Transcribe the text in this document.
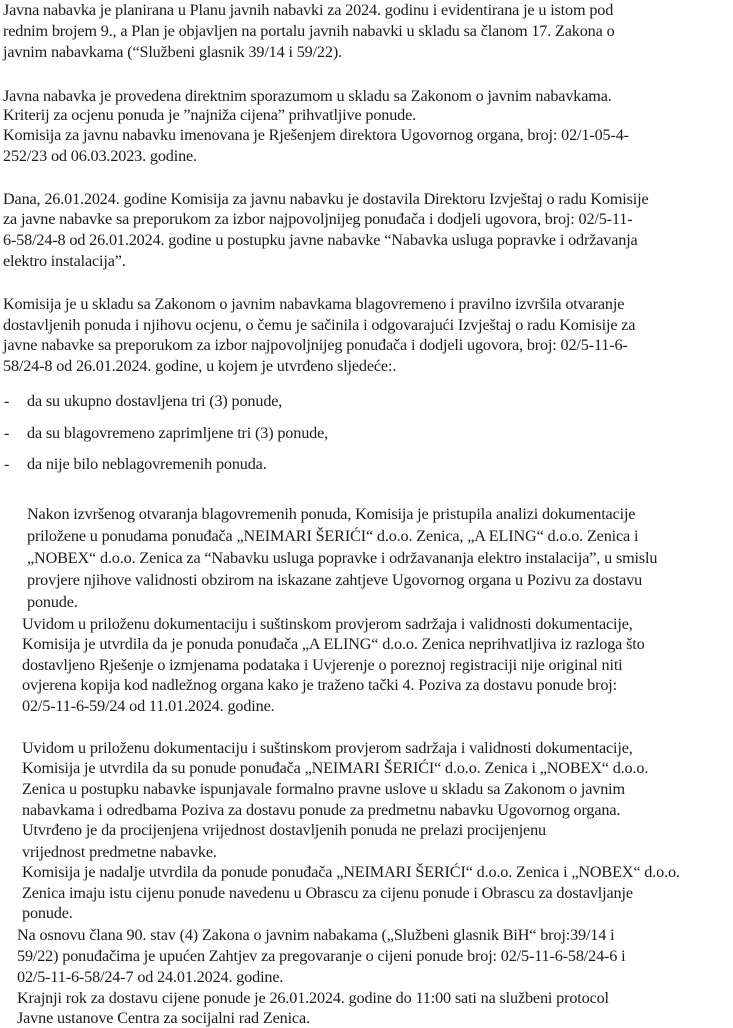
Javna nabavka je planirana u Planu javnih nabavki za 2024. godinu i evidentirana je u istom pod
rednim brojem 9., a Plan je objavljen na portalu javnih nabavki u skladu sa članom 17. Zakona o
javnim nabavkama (“Službeni glasnik 39/14 i 59/22).
Javna nabavka je provedena direktnim sporazumom u skladu sa Zakonom o javnim nabavkama.
Kriterij za ocjenu ponuda je ”najniža cijena” prihvatljive ponude.
Komisija za javnu nabavku imenovana je Rješenjem direktora Ugovornog organa, broj: 02/1-05-4-
252/23 od 06.03.2023. godine.
Dana, 26.01.2024. godine Komisija za javnu nabavku je dostavila Direktoru Izvještaj o radu Komisije
za javne nabavke sa preporukom za izbor najpovoljnijeg ponuđača i dodjeli ugovora, broj: 02/5-11-
6-58/24-8 od 26.01.2024. godine u postupku javne nabavke “Nabavka usluga popravke i održavanja
elektro instalacija”.
Komisija je u skladu sa Zakonom o javnim nabavkama blagovremeno i pravilno izvršila otvaranje
dostavljenih ponuda i njihovu ocjenu, o čemu je sačinila i odgovarajući Izvještaj o radu Komisije za
javne nabavke sa preporukom za izbor najpovoljnijeg ponuđača i dodjeli ugovora, broj: 02/5-11-6-
58/24-8 od 26.01.2024. godine, u kojem je utvrđeno sljedeće:.
- da su ukupno dostavljena tri (3) ponude,
- da su blagovremeno zaprimljene tri (3) ponude,
- da nije bilo neblagovremenih ponuda.
Nakon izvršenog otvaranja blagovremenih ponuda, Komisija je pristupila analizi dokumentacije
priložene u ponudama ponuđača „NEIMARI ŠERIĆI“ d.o.o. Zenica, „A ELING“ d.o.o. Zenica i
„NOBEX“ d.o.o. Zenica za “Nabavku usluga popravke i održavananja elektro instalacija”, u smislu
provjere njihove validnosti obzirom na iskazane zahtjeve Ugovornog organa u Pozivu za dostavu
ponude.
Uvidom u priloženu dokumentaciju i suštinskom provjerom sadržaja i validnosti dokumentacije,
Komisija je utvrdila da je ponuda ponuđača „A ELING“ d.o.o. Zenica neprihvatljiva iz razloga što
dostavljeno Rješenje o izmjenama podataka i Uvjerenje o poreznoj registraciji nije original niti
ovjerena kopija kod nadležnog organa kako je traženo tački 4. Poziva za dostavu ponude broj:
02/5-11-6-59/24 od 11.01.2024. godine.
Uvidom u priloženu dokumentaciju i suštinskom provjerom sadržaja i validnosti dokumentacije,
Komisija je utvrdila da su ponude ponuđača „NEIMARI ŠERIĆI“ d.o.o. Zenica i „NOBEX“ d.o.o.
Zenica u postupku nabavke ispunjavale formalno pravne uslove u skladu sa Zakonom o javnim
nabavkama i odredbama Poziva za dostavu ponude za predmetnu nabavku Ugovornog organa.
Utvrđeno je da procijenjena vrijednost dostavljenih ponuda ne prelazi procijenjenu
vrijednost predmetne nabavke.
Komisija je nadalje utvrdila da ponude ponuđača „NEIMARI ŠERIĆI“ d.o.o. Zenica i „NOBEX“ d.o.o.
Zenica imaju istu cijenu ponude navedenu u Obrascu za cijenu ponude i Obrascu za dostavljanje
ponude.
Na osnovu člana 90. stav (4) Zakona o javnim nabakama („Službeni glasnik BiH“ broj:39/14 i
59/22) ponuđačima je upućen Zahtjev za pregovaranje o cijeni ponude broj: 02/5-11-6-58/24-6 i
02/5-11-6-58/24-7 od 24.01.2024. godine.
Krajnji rok za dostavu cijene ponude je 26.01.2024. godine do 11:00 sati na službeni protocol
Javne ustanove Centra za socijalni rad Zenica.
